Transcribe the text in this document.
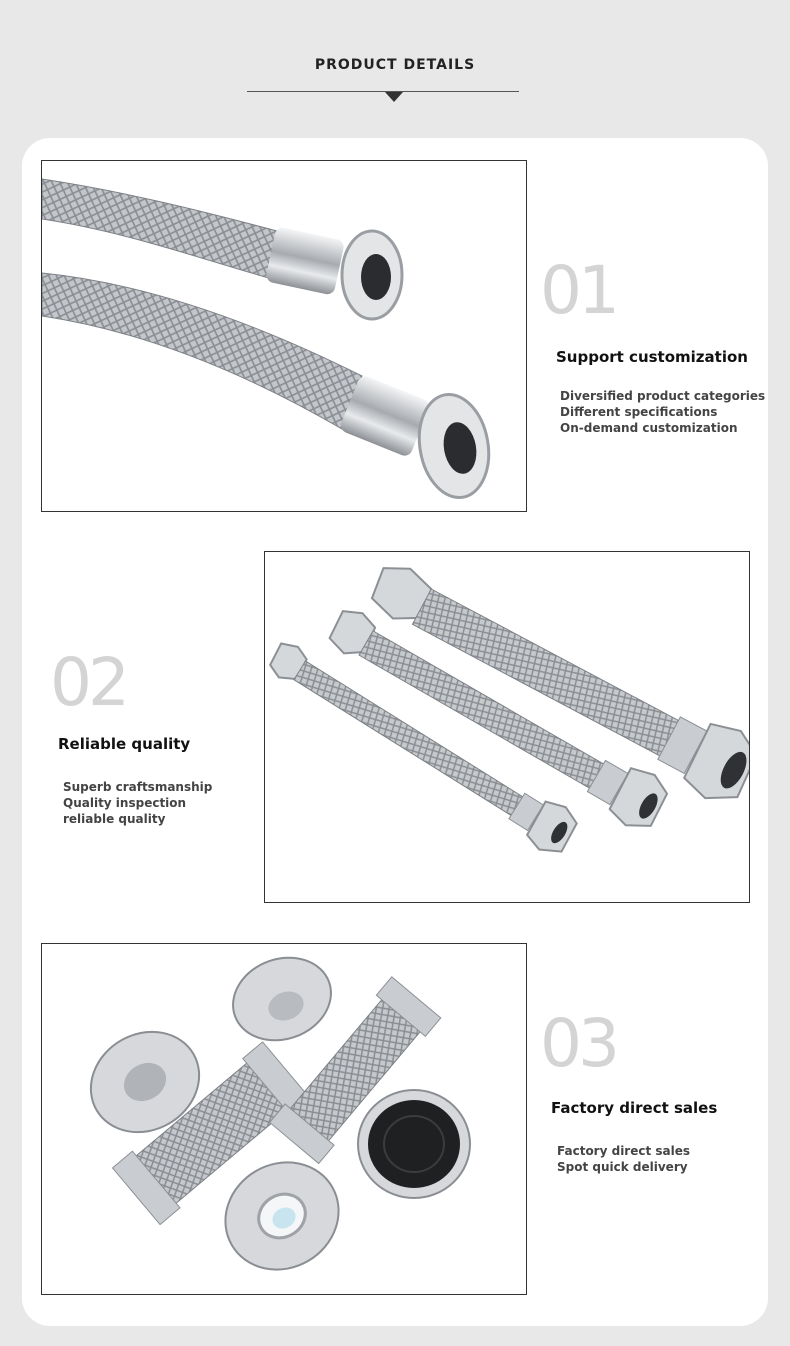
PRODUCT DETAILS
01
Support customization
Diversified product categories
Different specifications
On-demand customization
02
Reliable quality
Superb craftsmanship
Quality inspection
reliable quality
03
Factory direct sales
Factory direct sales
Spot quick delivery
